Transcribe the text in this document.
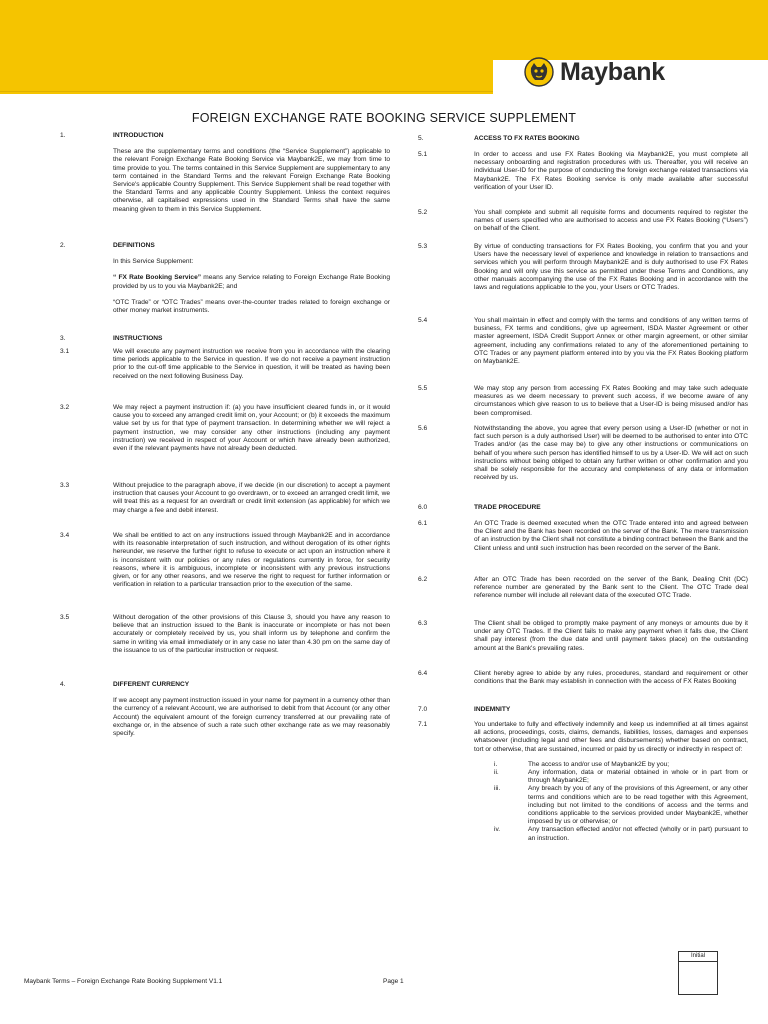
Maybank
FOREIGN EXCHANGE RATE BOOKING SERVICE SUPPLEMENT
1.	INTRODUCTION

These are the supplementary terms and conditions (the “Service Supplement”) applicable to the relevant Foreign Exchange Rate Booking Service via Maybank2E, we may from time to time provide to you. The terms contained in this Service Supplement are supplementary to any term contained in the Standard Terms and the relevant Foreign Exchange Rate Booking Service's applicable Country Supplement. This Service Supplement shall be read together with the Standard Terms and any applicable Country Supplement. Unless the context requires otherwise, all capitalised expressions used in the Standard Terms shall have the same meaning given to them in this Service Supplement.

2.	DEFINITIONS

In this Service Supplement:

“ FX Rate Booking Service” means any Service relating to Foreign Exchange Rate Booking provided by us to you via Maybank2E; and

“OTC Trade” or “OTC Trades” means over-the-counter trades related to foreign exchange or other money market instruments.

3.	INSTRUCTIONS

3.1	We will execute any payment instruction we receive from you in accordance with the clearing time periods applicable to the Service in question. If we do not receive a payment instruction prior to the cut-off time applicable to the Service in question, it will be treated as having been received on the next following Business Day.

3.2	We may reject a payment instruction if: (a) you have insufficient cleared funds in, or it would cause you to exceed any arranged credit limit on, your Account; or (b) it exceeds the maximum value set by us for that type of payment transaction. In determining whether we will reject a payment instruction, we may consider any other instructions (including any payment instruction) we received in respect of your Account or which have already been authorized, even if the relevant payments have not already been deducted.

3.3	Without prejudice to the paragraph above, if we decide (in our discretion) to accept a payment instruction that causes your Account to go overdrawn, or to exceed an arranged credit limit, we will treat this as a request for an overdraft or credit limit extension (as applicable) for which we may charge a fee and debit interest.

3.4	We shall be entitled to act on any instructions issued through Maybank2E and in accordance with its reasonable interpretation of such instruction, and without derogation of its other rights hereunder, we reserve the further right to refuse to execute or act upon an instruction where it is inconsistent with our policies or any rules or regulations currently in force, for security reasons, where it is ambiguous, incomplete or inconsistent with any previous instructions given, or for any other reasons, and we reserve the right to request for further information or verification in relation to a particular transaction prior to the execution of the same.

3.5	Without derogation of the other provisions of this Clause 3, should you have any reason to believe that an instruction issued to the Bank is inaccurate or incomplete or has not been accurately or completely received by us, you shall inform us by telephone and confirm the same in writing via email immediately or in any case no later than 4.30 pm on the same day of the issuance to us of the particular instruction or request.

4.	DIFFERENT CURRENCY

If we accept any payment instruction issued in your name for payment in a currency other than the currency of a relevant Account, we are authorised to debit from that Account (or any other Account) the equivalent amount of the foreign currency transferred at our prevailing rate of exchange or, in the absence of such a rate such other exchange rate as we may reasonably specify.

5.	ACCESS TO FX RATES BOOKING

5.1	In order to access and use FX Rates Booking via Maybank2E, you must complete all necessary onboarding and registration procedures with us. Thereafter, you will receive an individual User-ID for the purpose of conducting the foreign exchange related transactions via Maybank2E. The FX Rates Booking service is only made available after successful verification of your User ID.

5.2	You shall complete and submit all requisite forms and documents required to register the names of users specified who are authorised to access and use FX Rates Booking (“Users”) on behalf of the Client.

5.3	By virtue of conducting transactions for FX Rates Booking, you confirm that you and your Users have the necessary level of experience and knowledge in relation to transactions and services which you will perform through Maybank2E and is duly authorised to use FX Rates Booking and will only use this service as permitted under these Terms and Conditions, any other manuals accompanying the use of the FX Rates Booking and in accordance with the laws and regulations applicable to the you, your Users or OTC Trades.

5.4	You shall maintain in effect and comply with the terms and conditions of any written terms of business, FX terms and conditions, give up agreement, ISDA Master Agreement or other master agreement, ISDA Credit Support Annex or other margin agreement, or other similar agreement, including any confirmations related to any of the aforementioned pertaining to OTC Trades or any payment platform entered into by you via the FX Rates Booking platform on Maybank2E.

5.5	We may stop any person from accessing FX Rates Booking and may take such adequate measures as we deem necessary to prevent such access, if we become aware of any circumstances which give reason to us to believe that a User-ID is being misused and/or has been compromised.

5.6	Notwithstanding the above, you agree that every person using a User-ID (whether or not in fact such person is a duly authorised User) will be deemed to be authorised to enter into OTC Trades and/or (as the case may be) to give any other instructions or communications on behalf of you where such person has identified himself to us by a User-ID. We will act on such instructions without being obliged to obtain any further written or other confirmation and you shall be solely responsible for the accuracy and completeness of any data or information received by us.

6.0	TRADE PROCEDURE

6.1	An OTC Trade is deemed executed when the OTC Trade entered into and agreed between the Client and the Bank has been recorded on the server of the Bank. The mere transmission of an instruction by the Client shall not constitute a binding contract between the Bank and the Client unless and until such instruction has been recorded on the server of the Bank.

6.2	After an OTC Trade has been recorded on the server of the Bank, Dealing Chit (DC) reference number are generated by the Bank sent to the Client. The OTC Trade deal reference number will include all relevant data of the executed OTC Trade.

6.3	The Client shall be obliged to promptly make payment of any moneys or amounts due by it under any OTC Trades. If the Client fails to make any payment when it falls due, the Client shall pay interest (from the due date and until payment takes place) on the outstanding amount at the Bank's prevailing rates.

6.4	Client hereby agree to abide by any rules, procedures, standard and requirement or other conditions that the Bank may establish in connection with the access of FX Rates Booking

7.0	INDEMNITY

7.1	You undertake to fully and effectively indemnify and keep us indemnified at all times against all actions, proceedings, costs, claims, demands, liabilities, losses, damages and expenses whatsoever (including legal and other fees and disbursements) whether based on contract, tort or otherwise, that are sustained, incurred or paid by us directly or indirectly in respect of:

i.	The access to and/or use of Maybank2E by you;
ii.	Any information, data or material obtained in whole or in part from or through Maybank2E;
iii.	Any breach by you of any of the provisions of this Agreement, or any other terms and conditions which are to be read together with this Agreement, including but not limited to the conditions of access and the terms and conditions applicable to the services provided under Maybank2E, whether imposed by us or otherwise; or
iv.	Any transaction effected and/or not effected (wholly or in part) pursuant to an instruction.
Initial
Maybank Terms – Foreign Exchange Rate Booking Supplement V1.1	Page 1
